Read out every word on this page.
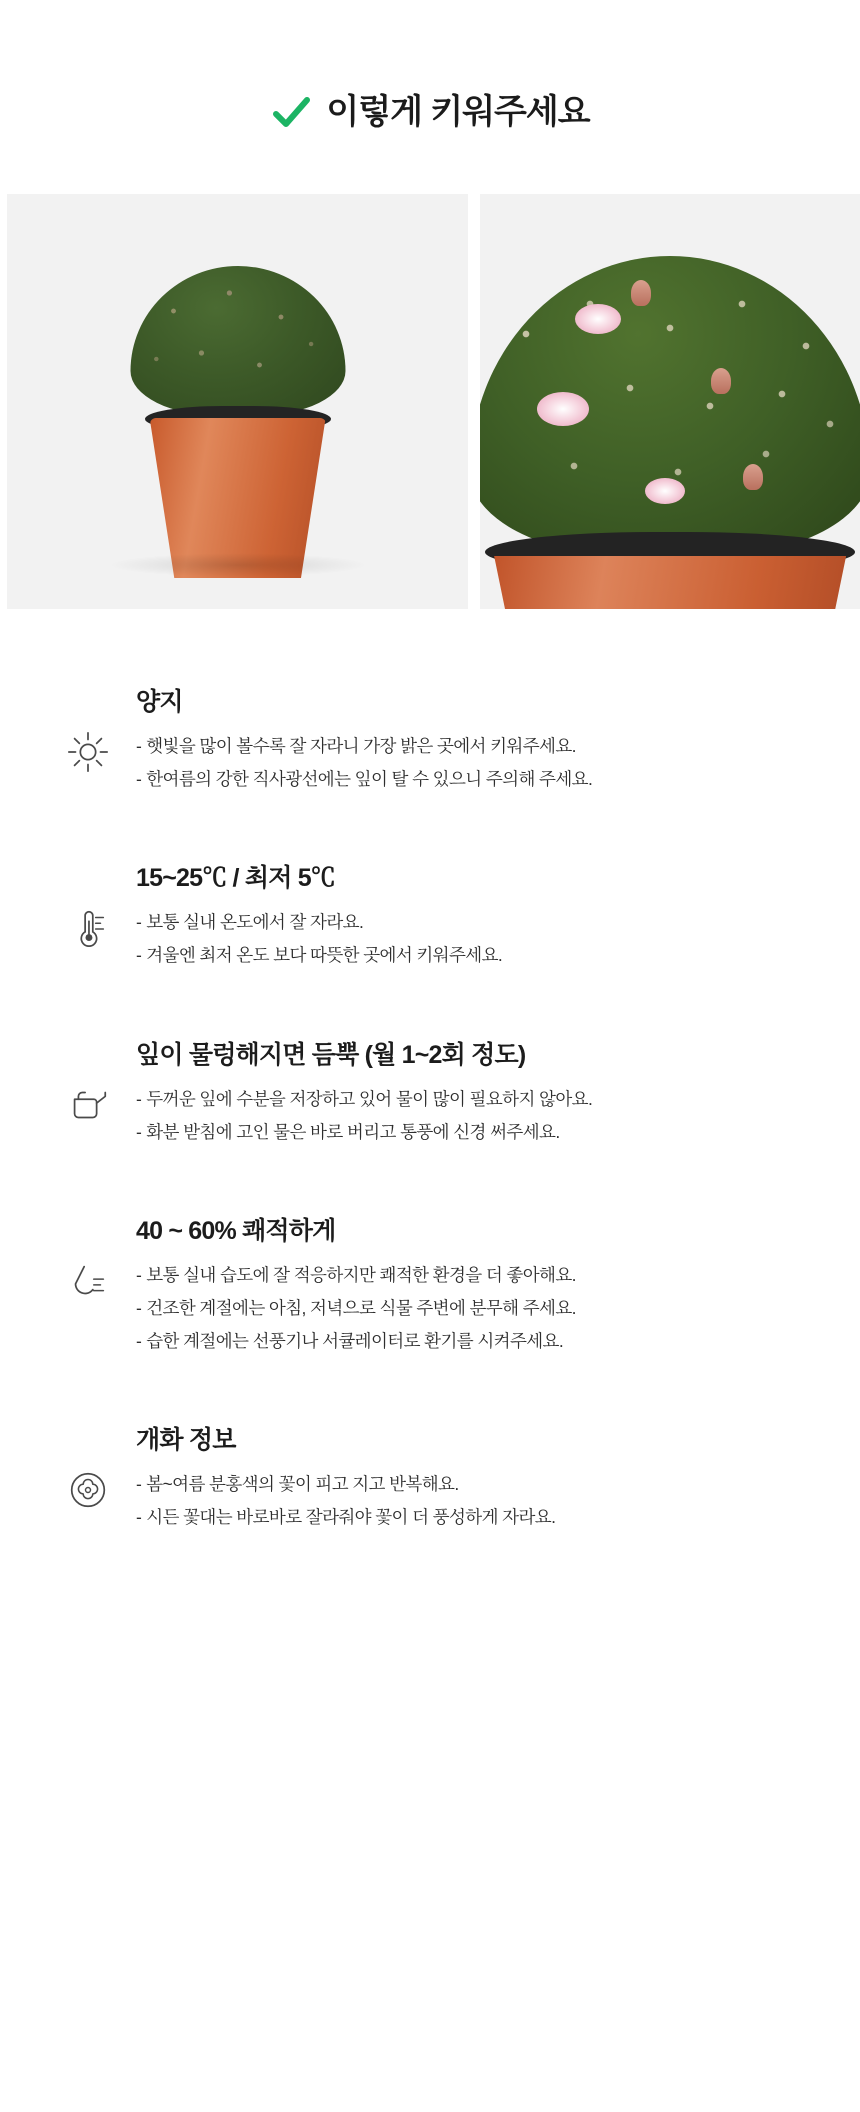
이렇게 키워주세요
양지
- 햇빛을 많이 볼수록 잘 자라니 가장 밝은 곳에서 키워주세요.
- 한여름의 강한 직사광선에는 잎이 탈 수 있으니 주의해 주세요.
15~25℃ / 최저 5℃
- 보통 실내 온도에서 잘 자라요.
- 겨울엔 최저 온도 보다 따뜻한 곳에서 키워주세요.
잎이 물렁해지면 듬뿍 (월 1~2회 정도)
- 두꺼운 잎에 수분을 저장하고 있어 물이 많이 필요하지 않아요.
- 화분 받침에 고인 물은 바로 버리고 통풍에 신경 써주세요.
40 ~ 60% 쾌적하게
- 보통 실내 습도에 잘 적응하지만 쾌적한 환경을 더 좋아해요.
- 건조한 계절에는 아침, 저녁으로 식물 주변에 분무해 주세요.
- 습한 계절에는 선풍기나 서큘레이터로 환기를 시켜주세요.
개화 정보
- 봄~여름 분홍색의 꽃이 피고 지고 반복해요.
- 시든 꽃대는 바로바로 잘라줘야 꽃이 더 풍성하게 자라요.
